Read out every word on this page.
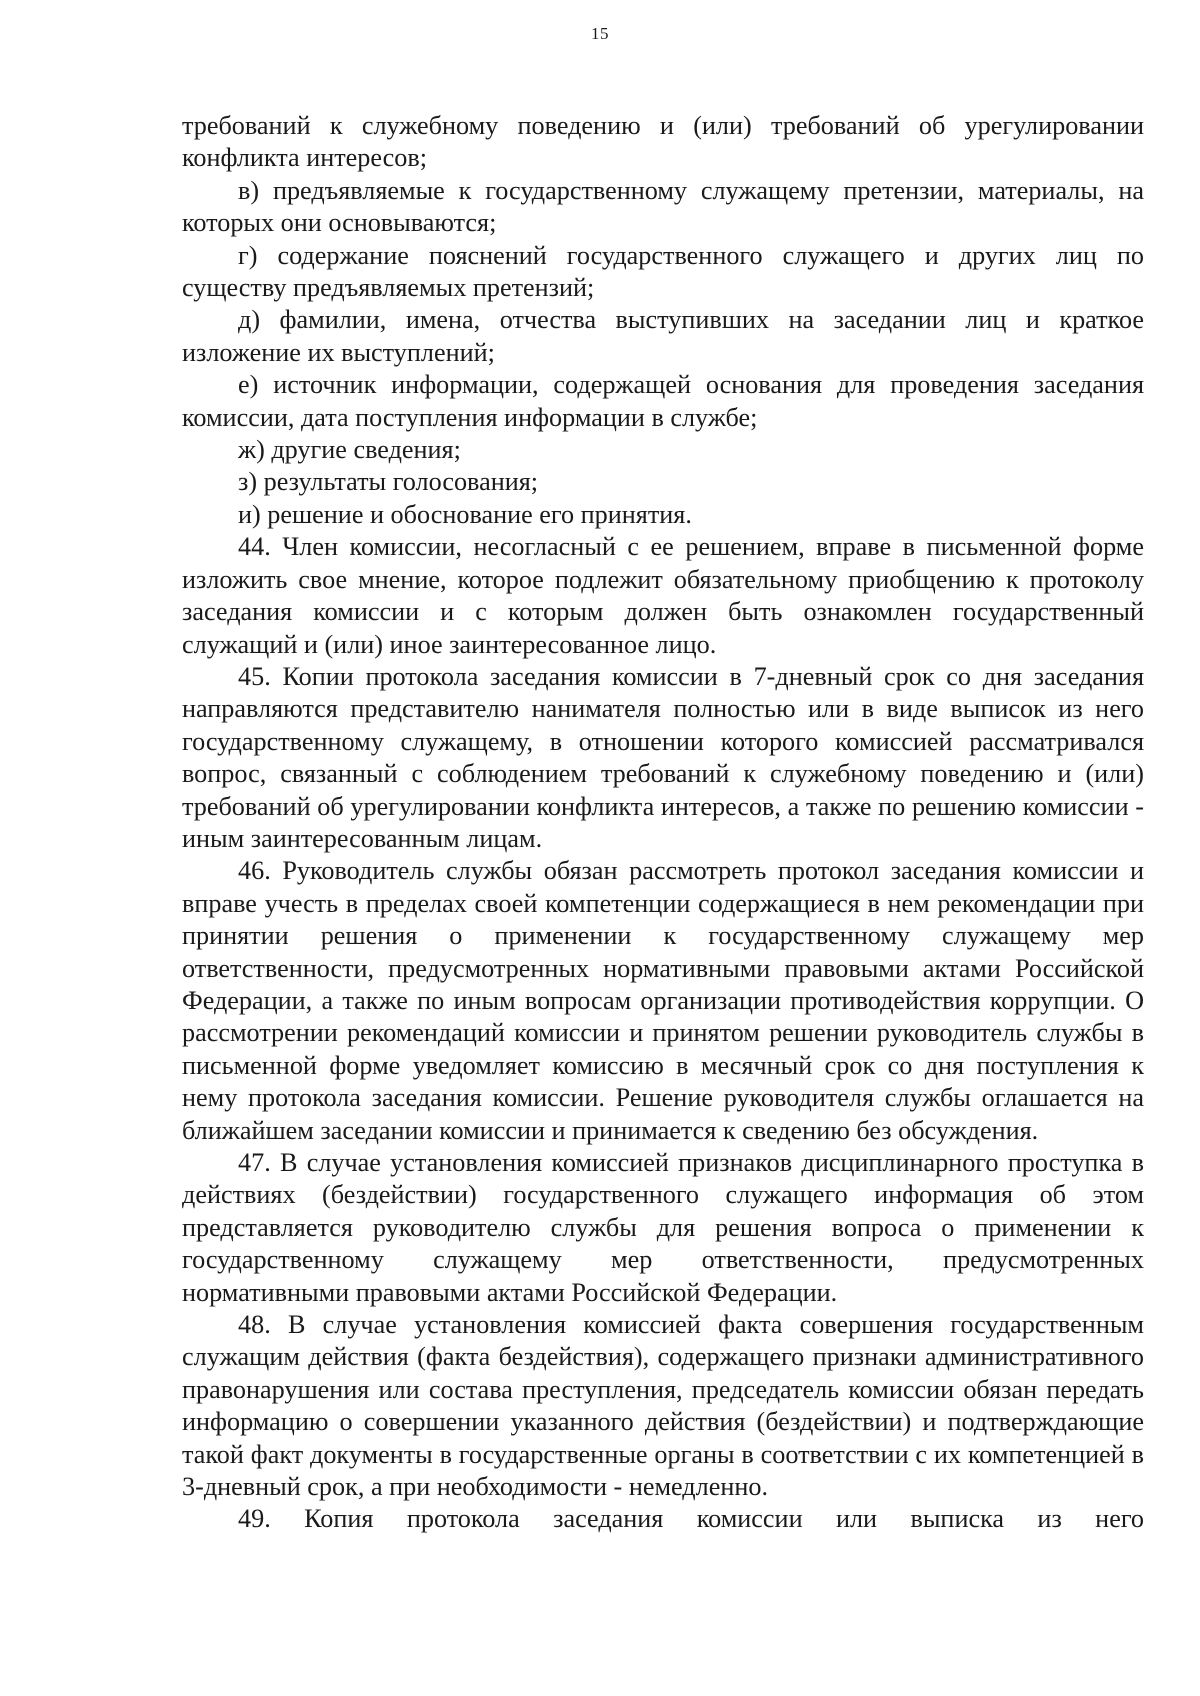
15

требований к служебному поведению и (или) требований об урегулировании конфликта интересов;

в) предъявляемые к государственному служащему претензии, материалы, на которых они основываются;

г) содержание пояснений государственного служащего и других лиц по существу предъявляемых претензий;

д) фамилии, имена, отчества выступивших на заседании лиц и краткое изложение их выступлений;

е) источник информации, содержащей основания для проведения заседания комиссии, дата поступления информации в службе;

ж) другие сведения;

з) результаты голосования;

и) решение и обоснование его принятия.

44. Член комиссии, несогласный с ее решением, вправе в письменной форме изложить свое мнение, которое подлежит обязательному приобщению к протоколу заседания комиссии и с которым должен быть ознакомлен государственный служащий и (или) иное заинтересованное лицо.

45. Копии протокола заседания комиссии в 7-дневный срок со дня заседания направляются представителю нанимателя полностью или в виде выписок из него государственному служащему, в отношении которого комиссией рассматривался вопрос, связанный с соблюдением требований к служебному поведению и (или) требований об урегулировании конфликта интересов, а также по решению комиссии - иным заинтересованным лицам.

46. Руководитель службы обязан рассмотреть протокол заседания комиссии и вправе учесть в пределах своей компетенции содержащиеся в нем рекомендации при принятии решения о применении к государственному служащему мер ответственности, предусмотренных нормативными правовыми актами Российской Федерации, а также по иным вопросам организации противодействия коррупции. О рассмотрении рекомендаций комиссии и принятом решении руководитель службы в письменной форме уведомляет комиссию в месячный срок со дня поступления к нему протокола заседания комиссии. Решение руководителя службы оглашается на ближайшем заседании комиссии и принимается к сведению без обсуждения.

47. В случае установления комиссией признаков дисциплинарного проступка в действиях (бездействии) государственного служащего информация об этом представляется руководителю службы для решения вопроса о применении к государственному служащему мер ответственности, предусмотренных нормативными правовыми актами Российской Федерации.

48. В случае установления комиссией факта совершения государственным служащим действия (факта бездействия), содержащего признаки административного правонарушения или состава преступления, председатель комиссии обязан передать информацию о совершении указанного действия (бездействии) и подтверждающие такой факт документы в государственные органы в соответствии с их компетенцией в 3-дневный срок, а при необходимости - немедленно.

49. Копия протокола заседания комиссии или выписка из него
